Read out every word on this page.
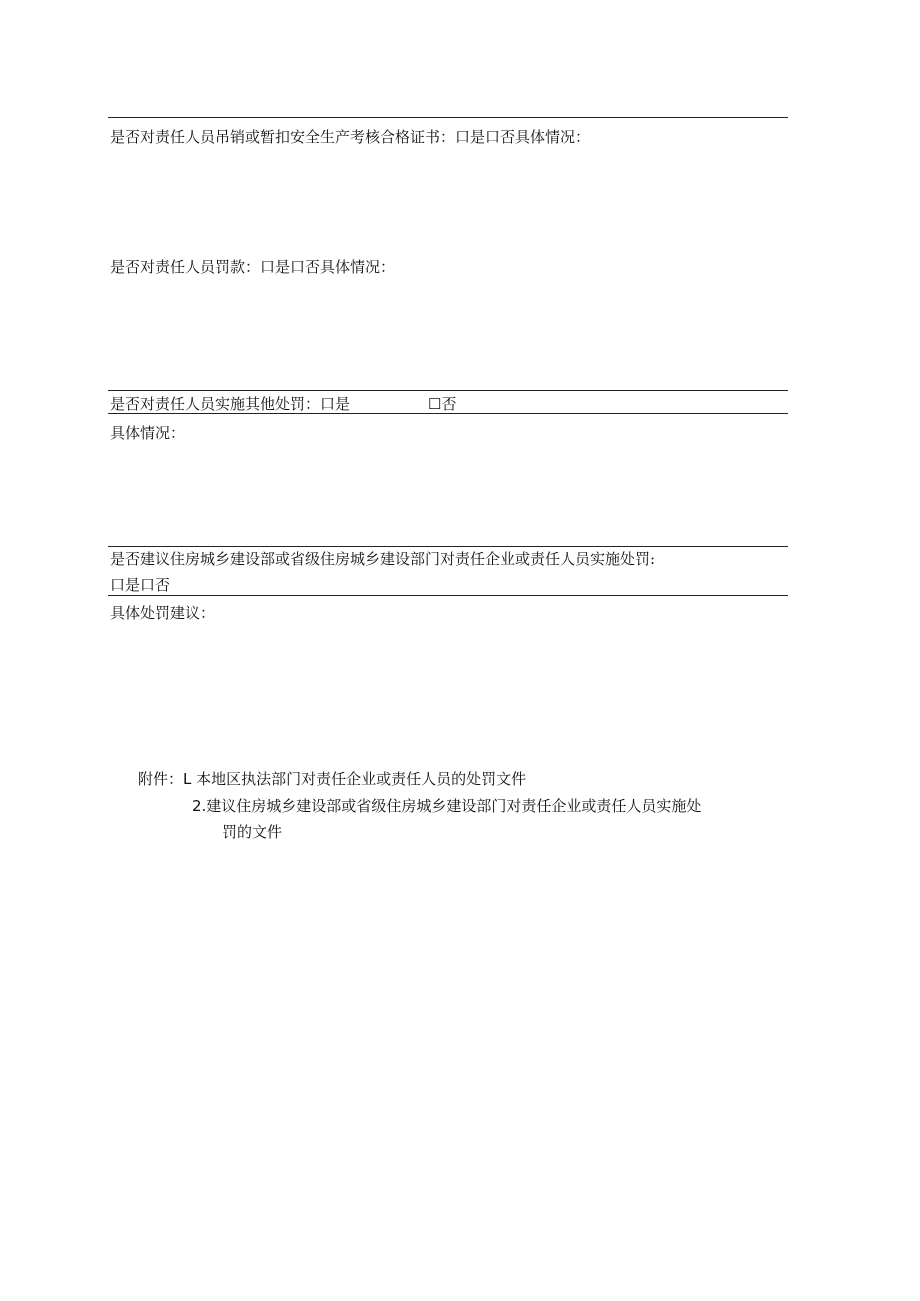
是否对责任人员吊销或暂扣安全生产考核合格证书：口是口否具体情况：
是否对责任人员罚款：口是口否具体情况：
是否对责任人员实施其他处罚：口是	☐否
具体情况：
是否建议住房城乡建设部或省级住房城乡建设部门对责任企业或责任人员实施处罚:
口是口否
具体处罚建议：
附件：L 本地区执法部门对责任企业或责任人员的处罚文件
2.建议住房城乡建设部或省级住房城乡建设部门对责任企业或责任人员实施处
罚的文件
